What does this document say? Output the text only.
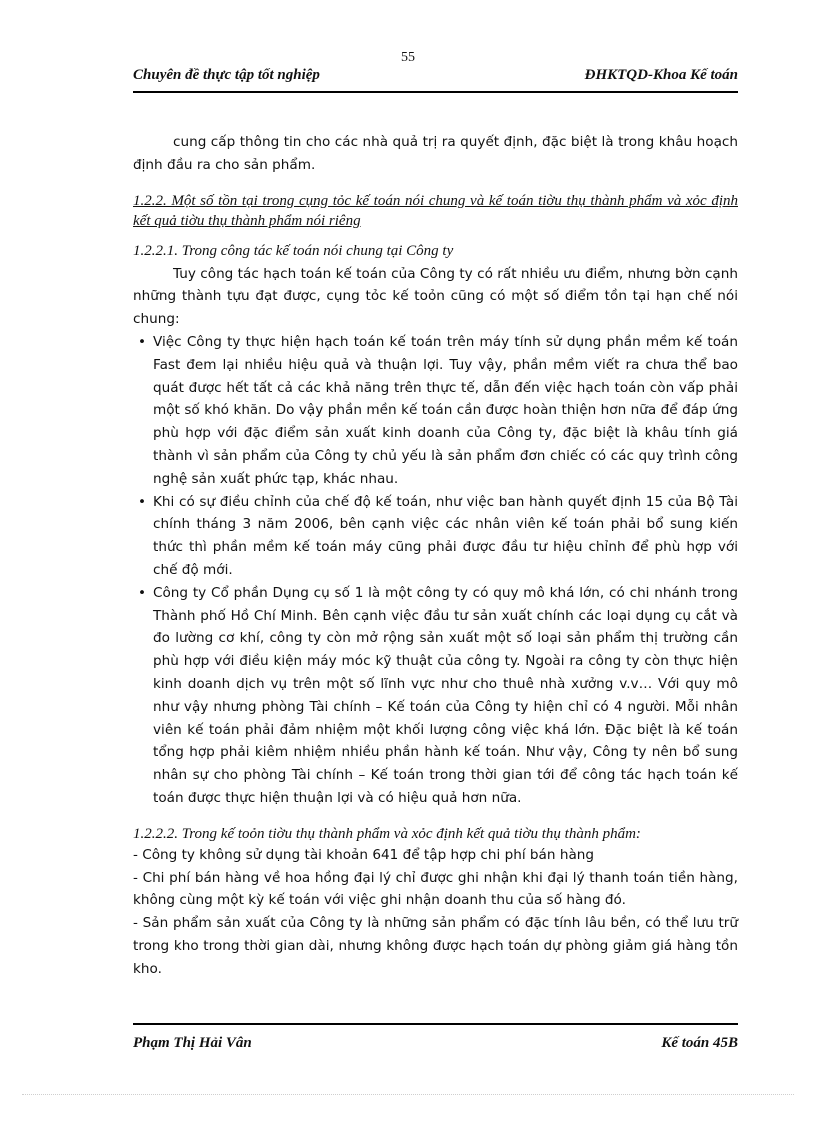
55
Chuyên đề thực tập tốt nghiệp	ĐHKTQD-Khoa Kế toán

cung cấp thông tin cho các nhà quả trị ra quyết định, đặc biệt là trong khâu hoạch định đầu ra cho sản phẩm.

1.2.2. Một số tồn tại trong cụng tỏc kế toán nói chung và kế toán tiờu thụ thành phẩm và xỏc định kết quả tiờu thụ thành phẩm nói riêng

1.2.2.1. Trong công tác kế toán nói chung tại Công ty

Tuy công tác hạch toán kế toán của Công ty có rất nhiều ưu điểm, nhưng bờn cạnh những thành tựu đạt được, cụng tỏc kế toỏn cũng có một số điểm tồn tại hạn chế nói chung:

• Việc Công ty thực hiện hạch toán kế toán trên máy tính sử dụng phần mềm kế toán Fast đem lại nhiều hiệu quả và thuận lợi. Tuy vậy, phần mềm viết ra chưa thể bao quát được hết tất cả các khả năng trên thực tế, dẫn đến việc hạch toán còn vấp phải một số khó khăn. Do vậy phần mền kế toán cần được hoàn thiện hơn nữa để đáp ứng phù hợp với đặc điểm sản xuất kinh doanh của Công ty, đặc biệt là khâu tính giá thành vì sản phẩm của Công ty chủ yếu là sản phẩm đơn chiếc có các quy trình công nghệ sản xuất phức tạp, khác nhau.

• Khi có sự điều chỉnh của chế độ kế toán, như việc ban hành quyết định 15 của Bộ Tài chính tháng 3 năm 2006, bên cạnh việc các nhân viên kế toán phải bổ sung kiến thức thì phần mềm kế toán máy cũng phải được đầu tư hiệu chỉnh để phù hợp với chế độ mới.

• Công ty Cổ phần Dụng cụ số 1 là một công ty có quy mô khá lớn, có chi nhánh trong Thành phố Hồ Chí Minh. Bên cạnh việc đầu tư sản xuất chính các loại dụng cụ cắt và đo lường cơ khí, công ty còn mở rộng sản xuất một số loại sản phẩm thị trường cần phù hợp với điều kiện máy móc kỹ thuật của công ty. Ngoài ra công ty còn thực hiện kinh doanh dịch vụ trên một số lĩnh vực như cho thuê nhà xưởng v.v… Với quy mô như vậy nhưng phòng Tài chính – Kế toán của Công ty hiện chỉ có 4 người. Mỗi nhân viên kế toán phải đảm nhiệm một khối lượng công việc khá lớn. Đặc biệt là kế toán tổng hợp phải kiêm nhiệm nhiều phần hành kế toán. Như vậy, Công ty nên bổ sung nhân sự cho phòng Tài chính – Kế toán trong thời gian tới để công tác hạch toán kế toán được thực hiện thuận lợi và có hiệu quả hơn nữa.

1.2.2.2. Trong kế toỏn tiờu thụ thành phẩm và xỏc định kết quả tiờu thụ thành phẩm:

- Công ty không sử dụng tài khoản 641 để tập hợp chi phí bán hàng

- Chi phí bán hàng về hoa hồng đại lý chỉ được ghi nhận khi đại lý thanh toán tiền hàng, không cùng một kỳ kế toán với việc ghi nhận doanh thu của số hàng đó.

- Sản phẩm sản xuất của Công ty là những sản phẩm có đặc tính lâu bền, có thể lưu trữ trong kho trong thời gian dài, nhưng không được hạch toán dự phòng giảm giá hàng tồn kho.

Phạm Thị Hải Vân	Kế toán 45B
